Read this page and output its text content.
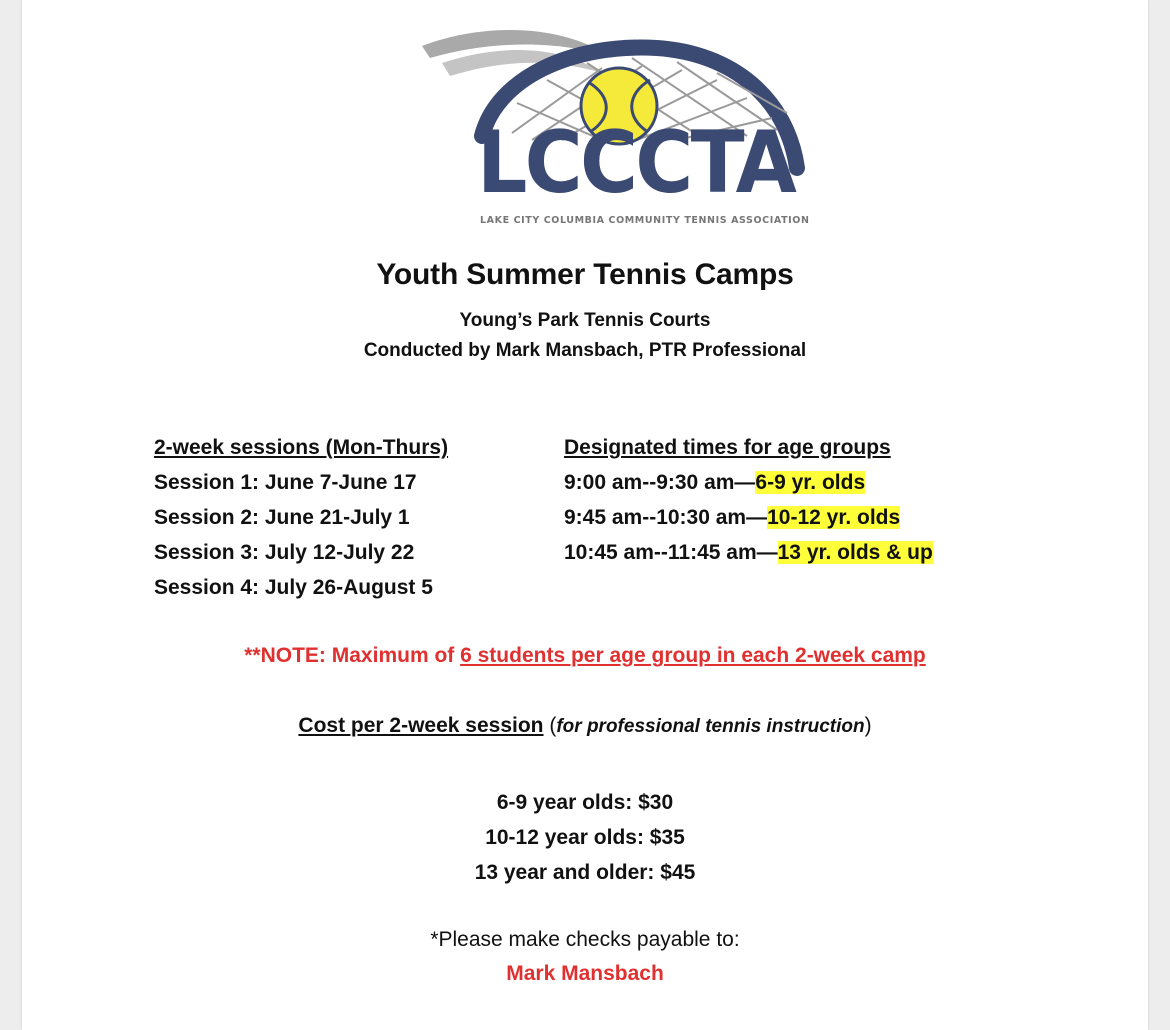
LCCCTA
LAKE CITY COLUMBIA COMMUNITY TENNIS ASSOCIATION
Youth Summer Tennis Camps
Young’s Park Tennis Courts
Conducted by Mark Mansbach, PTR Professional
2-week sessions (Mon-Thurs)
Session 1: June 7-June 17
Session 2: June 21-July 1
Session 3: July 12-July 22
Session 4: July 26-August 5
Designated times for age groups
9:00 am--9:30 am—6-9 yr. olds
9:45 am--10:30 am—10-12 yr. olds
10:45 am--11:45 am—13 yr. olds & up
**NOTE: Maximum of 6 students per age group in each 2-week camp
Cost per 2-week session (for professional tennis instruction)
6-9 year olds: $30
10-12 year olds: $35
13 year and older: $45
*Please make checks payable to:
Mark Mansbach
